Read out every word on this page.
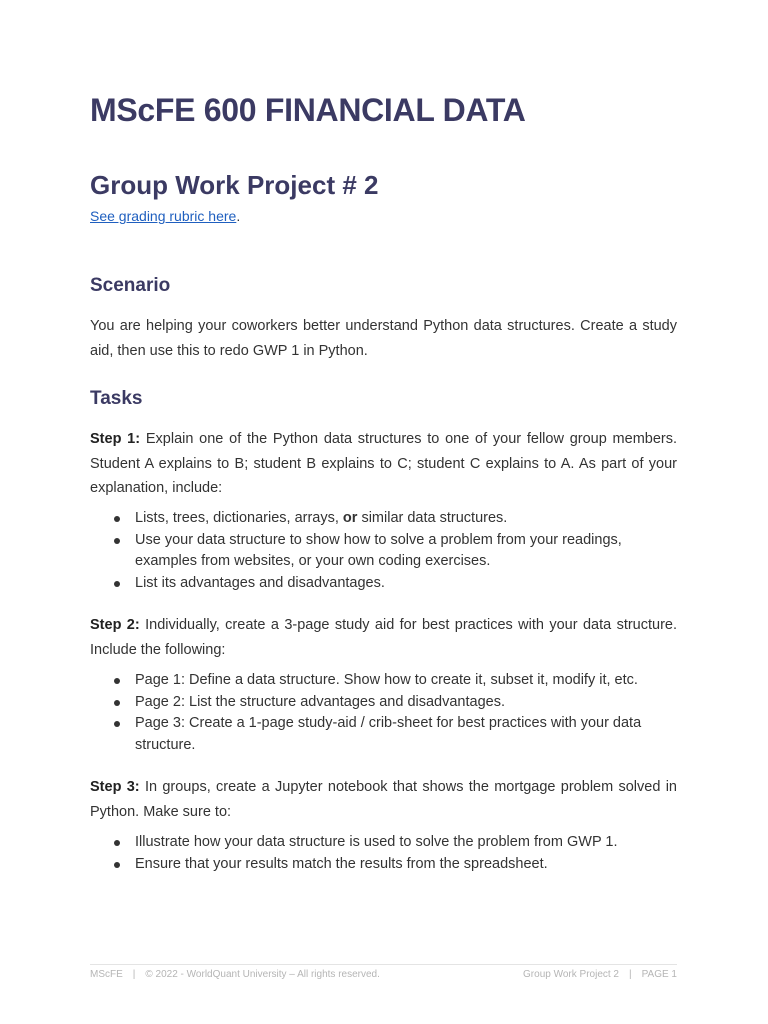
MScFE 600 FINANCIAL DATA
Group Work Project # 2
See grading rubric here.
Scenario

You are helping your coworkers better understand Python data structures. Create a study aid, then use this to redo GWP 1 in Python.

Tasks

Step 1: Explain one of the Python data structures to one of your fellow group members. Student A explains to B; student B explains to C; student C explains to A. As part of your explanation, include:

Lists, trees, dictionaries, arrays, or similar data structures.
Use your data structure to show how to solve a problem from your readings, examples from websites, or your own coding exercises.
List its advantages and disadvantages.

Step 2: Individually, create a 3-page study aid for best practices with your data structure. Include the following:

Page 1: Define a data structure. Show how to create it, subset it, modify it, etc.
Page 2: List the structure advantages and disadvantages.
Page 3: Create a 1-page study-aid / crib-sheet for best practices with your data structure.

Step 3: In groups, create a Jupyter notebook that shows the mortgage problem solved in Python. Make sure to:

Illustrate how your data structure is used to solve the problem from GWP 1.
Ensure that your results match the results from the spreadsheet.
MScFE | © 2022 - WorldQuant University – All rights reserved.	Group Work Project 2 | PAGE 1
